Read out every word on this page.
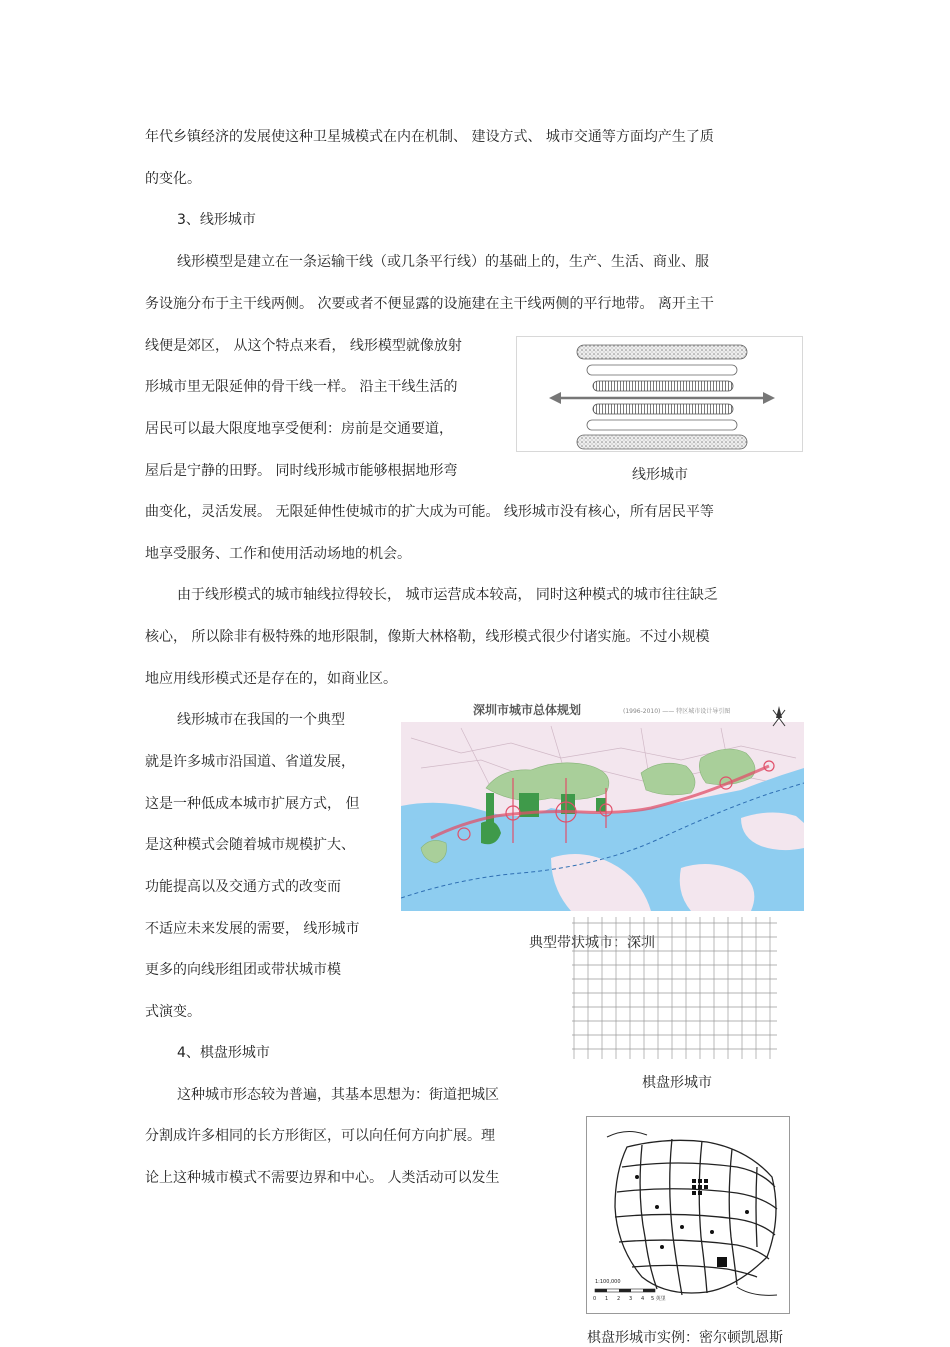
年代乡镇经济的发展使这种卫星城模式在内在机制、 建设方式、 城市交通等方面均产生了质
的变化。
3、线形城市
线形模型是建立在一条运输干线（或几条平行线）的基础上的，生产、生活、商业、服
务设施分布于主干线两侧。 次要或者不便显露的设施建在主干线两侧的平行地带。 离开主干
线便是郊区， 从这个特点来看， 线形模型就像放射
形城市里无限延伸的骨干线一样。 沿主干线生活的
居民可以最大限度地享受便利：房前是交通要道，
屋后是宁静的田野。 同时线形城市能够根据地形弯
曲变化，灵活发展。 无限延伸性使城市的扩大成为可能。 线形城市没有核心，所有居民平等
地享受服务、工作和使用活动场地的机会。
线形城市
由于线形模式的城市轴线拉得较长， 城市运营成本较高， 同时这种模式的城市往往缺乏
核心， 所以除非有极特殊的地形限制，像斯大林格勒，线形模式很少付诸实施。不过小规模
地应用线形模式还是存在的，如商业区。
线形城市在我国的一个典型
就是许多城市沿国道、省道发展，
这是一种低成本城市扩展方式， 但
是这种模式会随着城市规模扩大、
功能提高以及交通方式的改变而
不适应未来发展的需要， 线形城市
更多的向线形组团或带状城市模
式演变。
深圳市城市总体规划	(1996-2010) —— 特区城市设计导引图
典型带状城市：深圳
棋盘形城市
4、棋盘形城市
这种城市形态较为普遍，其基本思想为：街道把城区
分割成许多相同的长方形街区，可以向任何方向扩展。理
论上这种城市模式不需要边界和中心。 人类活动可以发生
1:100,000
0 1 2 3 4 5 英里
棋盘形城市实例：密尔顿凯恩斯
